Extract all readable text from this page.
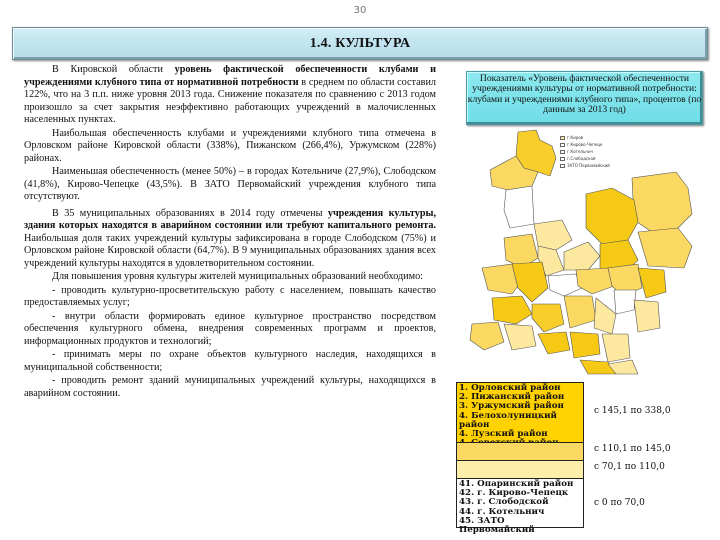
30
1.4. КУЛЬТУРА

В Кировской области уровень фактической обеспеченности клубами и учреждениями клубного типа от нормативной потребности в среднем по области составил 122%, что на 3 п.п. ниже уровня 2013 года. Снижение показателя по сравнению с 2013 годом произошло за счет закрытия неэффективно работающих учреждений в малочисленных населенных пунктах.

Наибольшая обеспеченность клубами и учреждениями клубного типа отмечена в Орловском районе Кировской области (338%), Пижанском (266,4%), Уржумском (228%) районах.

Наименьшая обеспеченность (менее 50%) – в городах Котельниче (27,9%), Слободском (41,8%), Кирово-Чепецке (43,5%). В ЗАТО Первомайский учреждения клубного типа отсутствуют.

В 35 муниципальных образованиях в 2014 году отмечены учреждения культуры, здания которых находятся в аварийном состоянии или требуют капитального ремонта. Наибольшая доля таких учреждений культуры зафиксирована в городе Слободском (75%) и Орловском районе Кировской области (64,7%). В 9 муниципальных образованиях здания всех учреждений культуры находятся в удовлетворительном состоянии.

Для повышения уровня культуры жителей муниципальных образований необходимо:

- проводить культурно-просветительскую работу с населением, повышать качество предоставляемых услуг;

- внутри области формировать единое культурное пространство посредством обеспечения культурного обмена, внедрения современных программ и проектов, информационных продуктов и технологий;

- принимать меры по охране объектов культурного наследия, находящихся в муниципальной собственности;

- проводить ремонт зданий муниципальных учреждений культуры, находящихся в аварийном состоянии.

Показатель «Уровень фактической обеспеченности учреждениями культуры от нормативной потребности: клубами и учреждениями клубного типа», процентов (по данным за 2013 год)
г.Киров
г.Кирово-Чепецк
г.Котельнич
г.Слободской
ЗАТО Первомайский
1. Орловский район
2. Пижанский район
3. Уржумский район
4. Белохолуницкий район
4. Лузский район
с 145,1 по 338,0
с 110,1 по 145,0
с 70,1 по 110,0
41. Опаринский район
42. г. Кирово-Чепецк
43. г. Слободской
44. г. Котельнич
45. ЗАТО Первомайский
с 0 по 70,0
